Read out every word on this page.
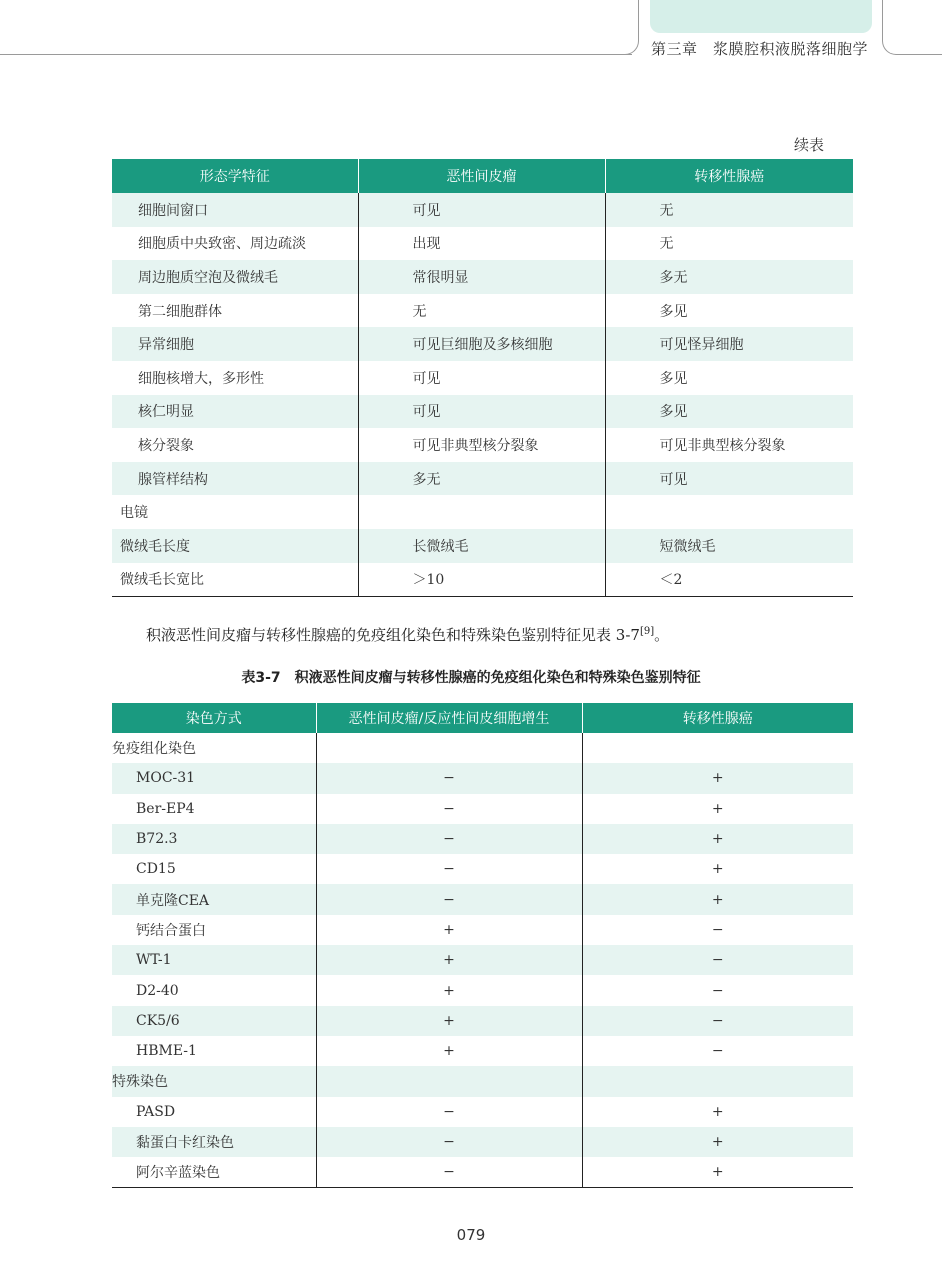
第三章　 浆膜腔积液脱落细胞学
续表
形态学特征	恶性间皮瘤	转移性腺癌
细胞间窗口	可见	无
细胞质中央致密、周边疏淡	出现	无
周边胞质空泡及微绒毛	常很明显	多无
第二细胞群体	无	多见
异常细胞	可见巨细胞及多核细胞	可见怪异细胞
细胞核增大，多形性	可见	多见
核仁明显	可见	多见
核分裂象	可见非典型核分裂象	可见非典型核分裂象
腺管样结构	多无	可见
电镜		
微绒毛长度	长微绒毛	短微绒毛
微绒毛长宽比	＞10	＜2
积液恶性间皮瘤与转移性腺癌的免疫组化染色和特殊染色鉴别特征见表 3-7[9]。
表3-7　积液恶性间皮瘤与转移性腺癌的免疫组化染色和特殊染色鉴别特征
染色方式	恶性间皮瘤/反应性间皮细胞增生	转移性腺癌
免疫组化染色		
MOC-31	−	+
Ber-EP4	−	+
B72.3	−	+
CD15	−	+
单克隆CEA	−	+
钙结合蛋白	+	−
WT-1	+	−
D2-40	+	−
CK5/6	+	−
HBME-1	+	−
特殊染色		
PASD	−	+
黏蛋白卡红染色	−	+
阿尔辛蓝染色	−	+
079
